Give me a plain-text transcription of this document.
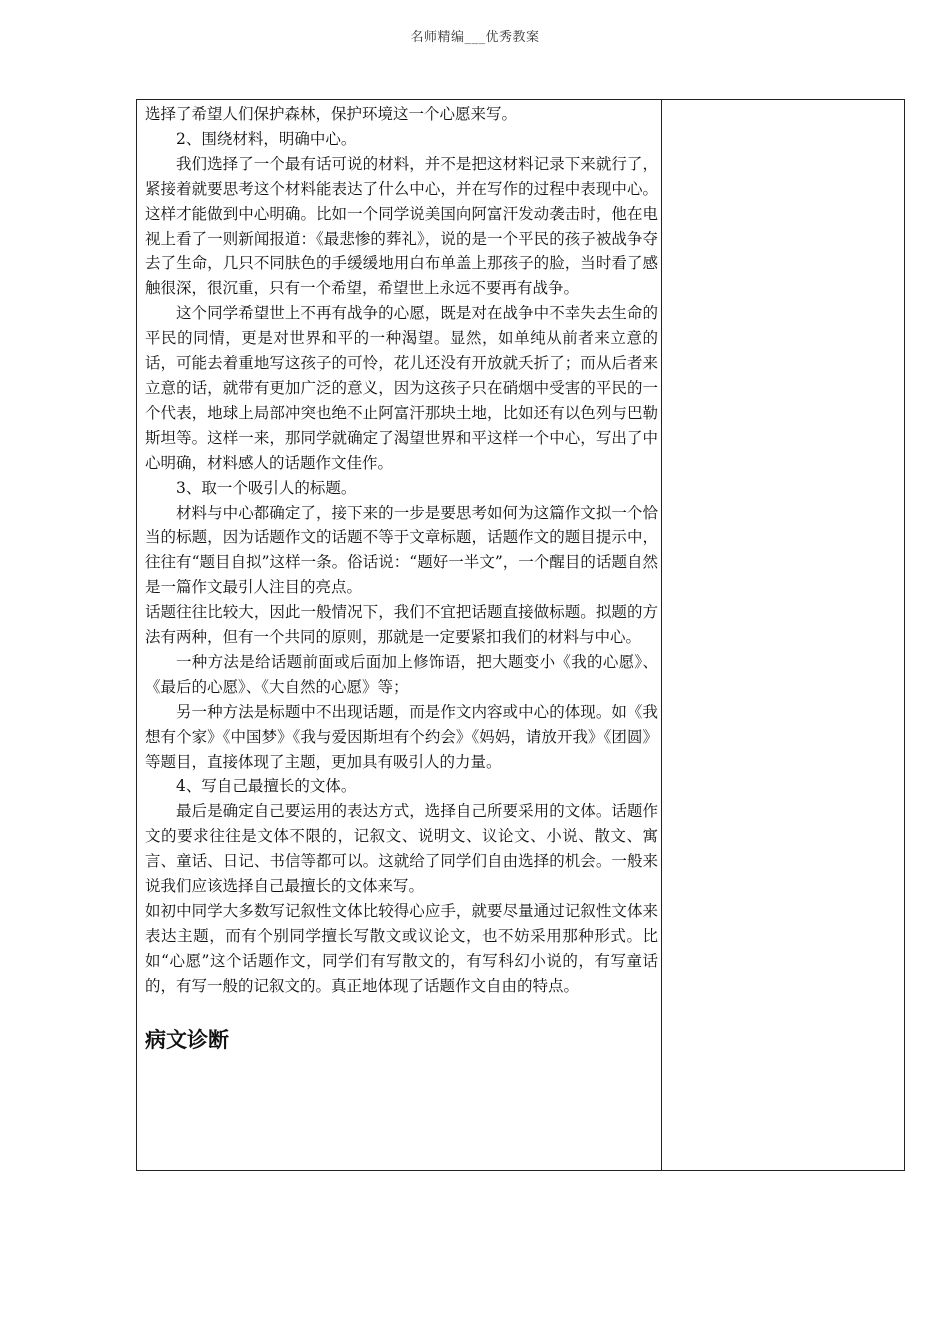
名师精编___优秀教案

选择了希望人们保护森林，保护环境这一个心愿来写。

2、围绕材料，明确中心。

我们选择了一个最有话可说的材料，并不是把这材料记录下来就行了，紧接着就要思考这个材料能表达了什么中心，并在写作的过程中表现中心。这样才能做到中心明确。比如一个同学说美国向阿富汗发动袭击时，他在电视上看了一则新闻报道：《最悲惨的葬礼》，说的是一个平民的孩子被战争夺去了生命，几只不同肤色的手缓缓地用白布单盖上那孩子的脸，当时看了感触很深，很沉重，只有一个希望，希望世上永远不要再有战争。

这个同学希望世上不再有战争的心愿，既是对在战争中不幸失去生命的平民的同情，更是对世界和平的一种渴望。显然，如单纯从前者来立意的话，可能去着重地写这孩子的可怜，花儿还没有开放就夭折了；而从后者来立意的话，就带有更加广泛的意义，因为这孩子只在硝烟中受害的平民的一个代表，地球上局部冲突也绝不止阿富汗那块土地，比如还有以色列与巴勒斯坦等。这样一来，那同学就确定了渴望世界和平这样一个中心，写出了中心明确，材料感人的话题作文佳作。

3、取一个吸引人的标题。

材料与中心都确定了，接下来的一步是要思考如何为这篇作文拟一个恰当的标题，因为话题作文的话题不等于文章标题，话题作文的题目提示中，往往有“题目自拟”这样一条。俗话说：“题好一半文”，一个醒目的话题自然是一篇作文最引人注目的亮点。

话题往往比较大，因此一般情况下，我们不宜把话题直接做标题。拟题的方法有两种，但有一个共同的原则，那就是一定要紧扣我们的材料与中心。

一种方法是给话题前面或后面加上修饰语，把大题变小《我的心愿》、《最后的心愿》、《大自然的心愿》等；

另一种方法是标题中不出现话题，而是作文内容或中心的体现。如《我想有个家》《中国梦》《我与爱因斯坦有个约会》《妈妈，请放开我》《团圆》等题目，直接体现了主题，更加具有吸引人的力量。

4、写自己最擅长的文体。

最后是确定自己要运用的表达方式，选择自己所要采用的文体。话题作文的要求往往是文体不限的，记叙文、说明文、议论文、小说、散文、寓言、童话、日记、书信等都可以。这就给了同学们自由选择的机会。一般来说我们应该选择自己最擅长的文体来写。

如初中同学大多数写记叙性文体比较得心应手，就要尽量通过记叙性文体来表达主题，而有个别同学擅长写散文或议论文，也不妨采用那种形式。比如“心愿”这个话题作文，同学们有写散文的，有写科幻小说的，有写童话的，有写一般的记叙文的。真正地体现了话题作文自由的特点。

病文诊断
